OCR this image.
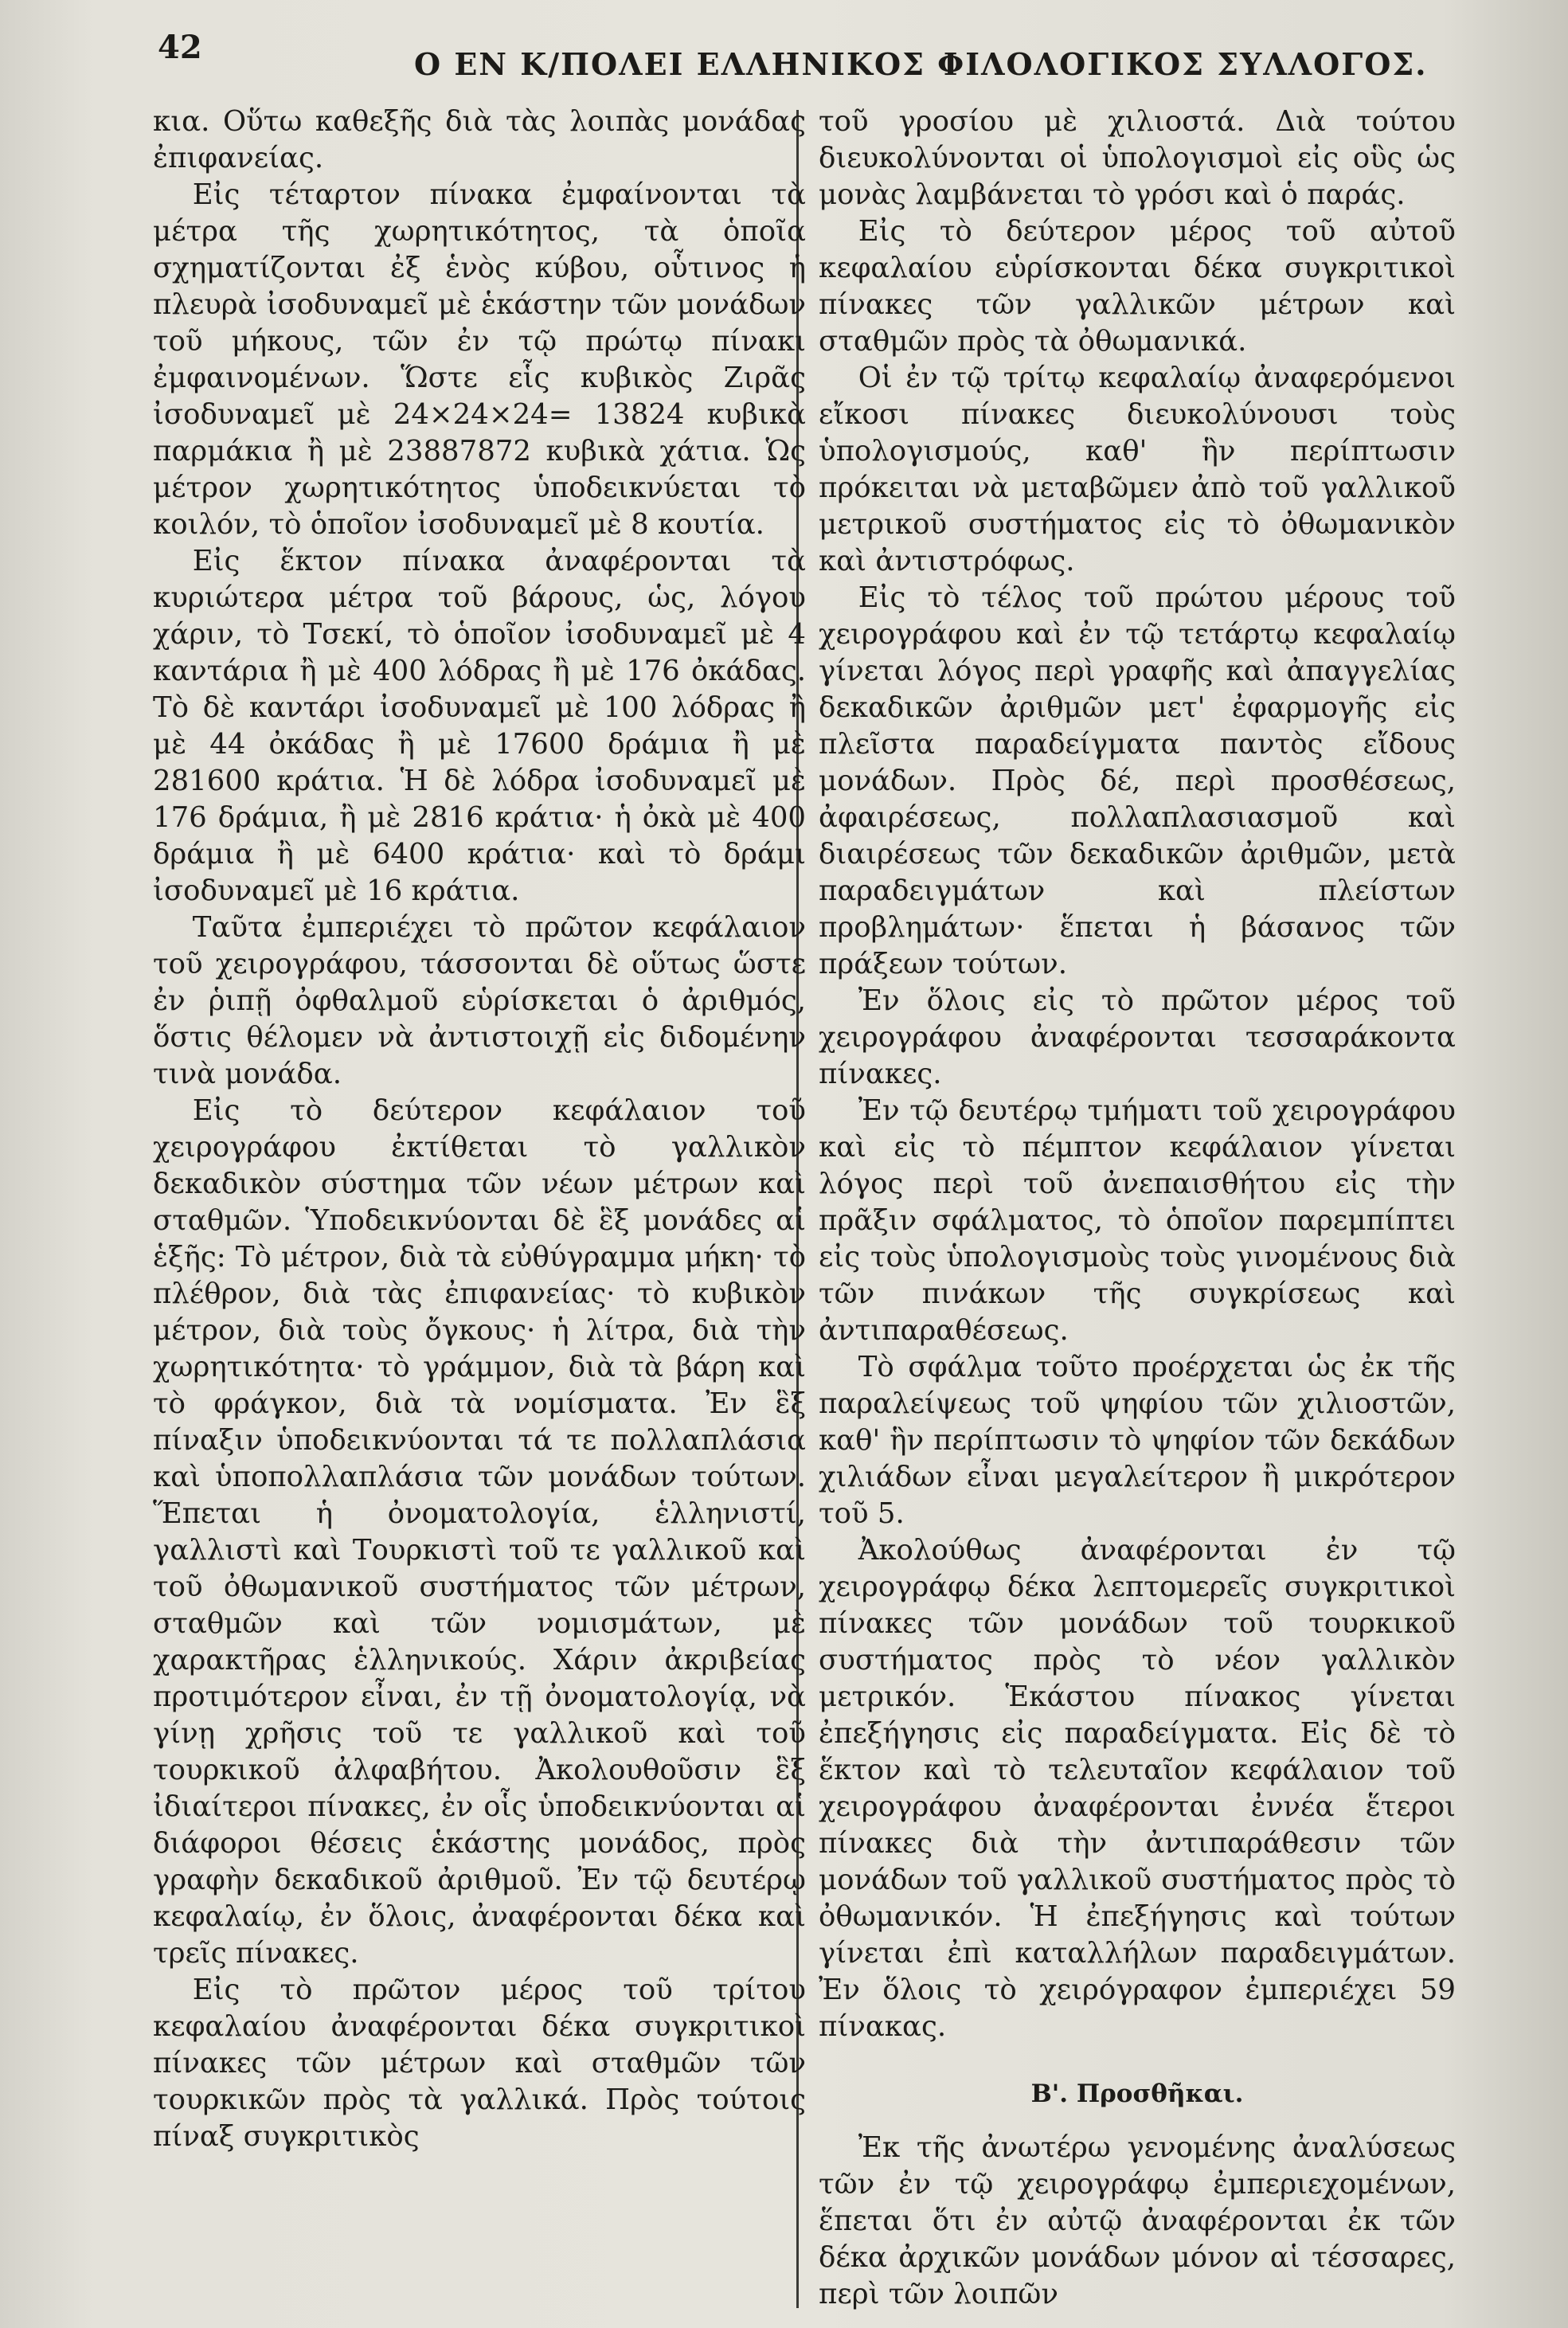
42	Ο ΕΝ Κ/ΠΟΛΕΙ ΕΛΛΗΝΙΚΟΣ ΦΙΛΟΛΟΓΙΚΟΣ ΣΥΛΛΟΓΟΣ.

κια. Οὕτω καθεξῆς διὰ τὰς λοιπὰς μονάδας ἐπιφανείας.

Εἰς τέταρτον πίνακα ἐμφαίνονται τὰ μέτρα τῆς χωρητικότητος, τὰ ὁποῖα σχηματίζονται ἐξ ἑνὸς κύβου, οὗτινος ἡ πλευρὰ ἰσοδυναμεῖ μὲ ἑκάστην τῶν μονάδων τοῦ μήκους, τῶν ἐν τῷ πρώτῳ πίνακι ἐμφαινομένων. Ὥστε εἷς κυβικὸς Ζιρᾶς ἰσοδυναμεῖ μὲ 24×24×24= 13824 κυβικὰ παρμάκια ἢ μὲ 23887872 κυβικὰ χάτια. Ὡς μέτρον χωρητικότητος ὑποδεικνύεται τὸ κοιλόν, τὸ ὁποῖον ἰσοδυναμεῖ μὲ 8 κουτία.

Εἰς ἕκτον πίνακα ἀναφέρονται τὰ κυριώτερα μέτρα τοῦ βάρους, ὡς, λόγου χάριν, τὸ Τσεκί, τὸ ὁποῖον ἰσοδυναμεῖ μὲ 4 καντάρια ἢ μὲ 400 λόδρας ἢ μὲ 176 ὀκάδας. Τὸ δὲ καντάρι ἰσοδυναμεῖ μὲ 100 λόδρας ἢ μὲ 44 ὀκάδας ἢ μὲ 17600 δράμια ἢ μὲ 281600 κράτια. Ἡ δὲ λόδρα ἰσοδυναμεῖ μὲ 176 δράμια, ἢ μὲ 2816 κράτια· ἡ ὀκὰ μὲ 400 δράμια ἢ μὲ 6400 κράτια· καὶ τὸ δράμι ἰσοδυναμεῖ μὲ 16 κράτια.

Ταῦτα ἐμπεριέχει τὸ πρῶτον κεφάλαιον τοῦ χειρογράφου, τάσσονται δὲ οὕτως ὥστε ἐν ῥιπῇ ὀφθαλμοῦ εὑρίσκεται ὁ ἀριθμός, ὅστις θέλομεν νὰ ἀντιστοιχῇ εἰς διδομένην τινὰ μονάδα.

Εἰς τὸ δεύτερον κεφάλαιον τοῦ χειρογράφου ἐκτίθεται τὸ γαλλικὸν δεκαδικὸν σύστημα τῶν νέων μέτρων καὶ σταθμῶν. Ὑποδεικνύονται δὲ ἓξ μονάδες αἱ ἑξῆς: Τὸ μέτρον, διὰ τὰ εὐθύγραμμα μήκη· τὸ πλέθρον, διὰ τὰς ἐπιφανείας· τὸ κυβικὸν μέτρον, διὰ τοὺς ὄγκους· ἡ λίτρα, διὰ τὴν χωρητικότητα· τὸ γράμμον, διὰ τὰ βάρη καὶ τὸ φράγκον, διὰ τὰ νομίσματα. Ἐν ἓξ πίναξιν ὑποδεικνύονται τά τε πολλαπλάσια καὶ ὑποπολλαπλάσια τῶν μονάδων τούτων. Ἕπεται ἡ ὀνοματολογία, ἑλληνιστί, γαλλιστὶ καὶ Τουρκιστὶ τοῦ τε γαλλικοῦ καὶ τοῦ ὀθωμανικοῦ συστήματος τῶν μέτρων, σταθμῶν καὶ τῶν νομισμάτων, μὲ χαρακτῆρας ἑλληνικούς. Χάριν ἀκριβείας προτιμότερον εἶναι, ἐν τῇ ὀνοματολογίᾳ, νὰ γίνῃ χρῆσις τοῦ τε γαλλικοῦ καὶ τοῦ τουρκικοῦ ἀλφαβήτου. Ἀκολουθοῦσιν ἓξ ἰδιαίτεροι πίνακες, ἐν οἷς ὑποδεικνύονται αἱ διάφοροι θέσεις ἑκάστης μονάδος, πρὸς γραφὴν δεκαδικοῦ ἀριθμοῦ. Ἐν τῷ δευτέρῳ κεφαλαίῳ, ἐν ὅλοις, ἀναφέρονται δέκα καὶ τρεῖς πίνακες.

Εἰς τὸ πρῶτον μέρος τοῦ τρίτου κεφαλαίου ἀναφέρονται δέκα συγκριτικοὶ πίνακες τῶν μέτρων καὶ σταθμῶν τῶν τουρκικῶν πρὸς τὰ γαλλικά. Πρὸς τούτοις πίναξ συγκριτικὸς

τοῦ γροσίου μὲ χιλιοστά. Διὰ τούτου διευκολύνονται οἱ ὑπολογισμοὶ εἰς οὓς ὡς μονὰς λαμβάνεται τὸ γρόσι καὶ ὁ παράς.

Εἰς τὸ δεύτερον μέρος τοῦ αὐτοῦ κεφαλαίου εὑρίσκονται δέκα συγκριτικοὶ πίνακες τῶν γαλλικῶν μέτρων καὶ σταθμῶν πρὸς τὰ ὀθωμανικά.

Οἱ ἐν τῷ τρίτῳ κεφαλαίῳ ἀναφερόμενοι εἴκοσι πίνακες διευκολύνουσι τοὺς ὑπολογισμούς, καθ' ἣν περίπτωσιν πρόκειται νὰ μεταβῶμεν ἀπὸ τοῦ γαλλικοῦ μετρικοῦ συστήματος εἰς τὸ ὀθωμανικὸν καὶ ἀντιστρόφως.

Εἰς τὸ τέλος τοῦ πρώτου μέρους τοῦ χειρογράφου καὶ ἐν τῷ τετάρτῳ κεφαλαίῳ γίνεται λόγος περὶ γραφῆς καὶ ἀπαγγελίας δεκαδικῶν ἀριθμῶν μετ' ἐφαρμογῆς εἰς πλεῖστα παραδείγματα παντὸς εἴδους μονάδων. Πρὸς δέ, περὶ προσθέσεως, ἀφαιρέσεως, πολλαπλασιασμοῦ καὶ διαιρέσεως τῶν δεκαδικῶν ἀριθμῶν, μετὰ παραδειγμάτων καὶ πλείστων προβλημάτων· ἕπεται ἡ βάσανος τῶν πράξεων τούτων.

Ἐν ὅλοις εἰς τὸ πρῶτον μέρος τοῦ χειρογράφου ἀναφέρονται τεσσαράκοντα πίνακες.

Ἐν τῷ δευτέρῳ τμήματι τοῦ χειρογράφου καὶ εἰς τὸ πέμπτον κεφάλαιον γίνεται λόγος περὶ τοῦ ἀνεπαισθήτου εἰς τὴν πρᾶξιν σφάλματος, τὸ ὁποῖον παρεμπίπτει εἰς τοὺς ὑπολογισμοὺς τοὺς γινομένους διὰ τῶν πινάκων τῆς συγκρίσεως καὶ ἀντιπαραθέσεως.

Τὸ σφάλμα τοῦτο προέρχεται ὡς ἐκ τῆς παραλείψεως τοῦ ψηφίου τῶν χιλιοστῶν, καθ' ἣν περίπτωσιν τὸ ψηφίον τῶν δεκάδων χιλιάδων εἶναι μεγαλείτερον ἢ μικρότερον τοῦ 5.

Ἀκολούθως ἀναφέρονται ἐν τῷ χειρογράφῳ δέκα λεπτομερεῖς συγκριτικοὶ πίνακες τῶν μονάδων τοῦ τουρκικοῦ συστήματος πρὸς τὸ νέον γαλλικὸν μετρικόν. Ἑκάστου πίνακος γίνεται ἐπεξήγησις εἰς παραδείγματα. Εἰς δὲ τὸ ἕκτον καὶ τὸ τελευταῖον κεφάλαιον τοῦ χειρογράφου ἀναφέρονται ἐννέα ἕτεροι πίνακες διὰ τὴν ἀντιπαράθεσιν τῶν μονάδων τοῦ γαλλικοῦ συστήματος πρὸς τὸ ὀθωμανικόν. Ἡ ἐπεξήγησις καὶ τούτων γίνεται ἐπὶ καταλλήλων παραδειγμάτων. Ἐν ὅλοις τὸ χειρόγραφον ἐμπεριέχει 59 πίνακας.

Β'. Προσθῆκαι.

Ἐκ τῆς ἀνωτέρω γενομένης ἀναλύσεως τῶν ἐν τῷ χειρογράφῳ ἐμπεριεχομένων, ἕπεται ὅτι ἐν αὐτῷ ἀναφέρονται ἐκ τῶν δέκα ἀρχικῶν μονάδων μόνον αἱ τέσσαρες, περὶ τῶν λοιπῶν
